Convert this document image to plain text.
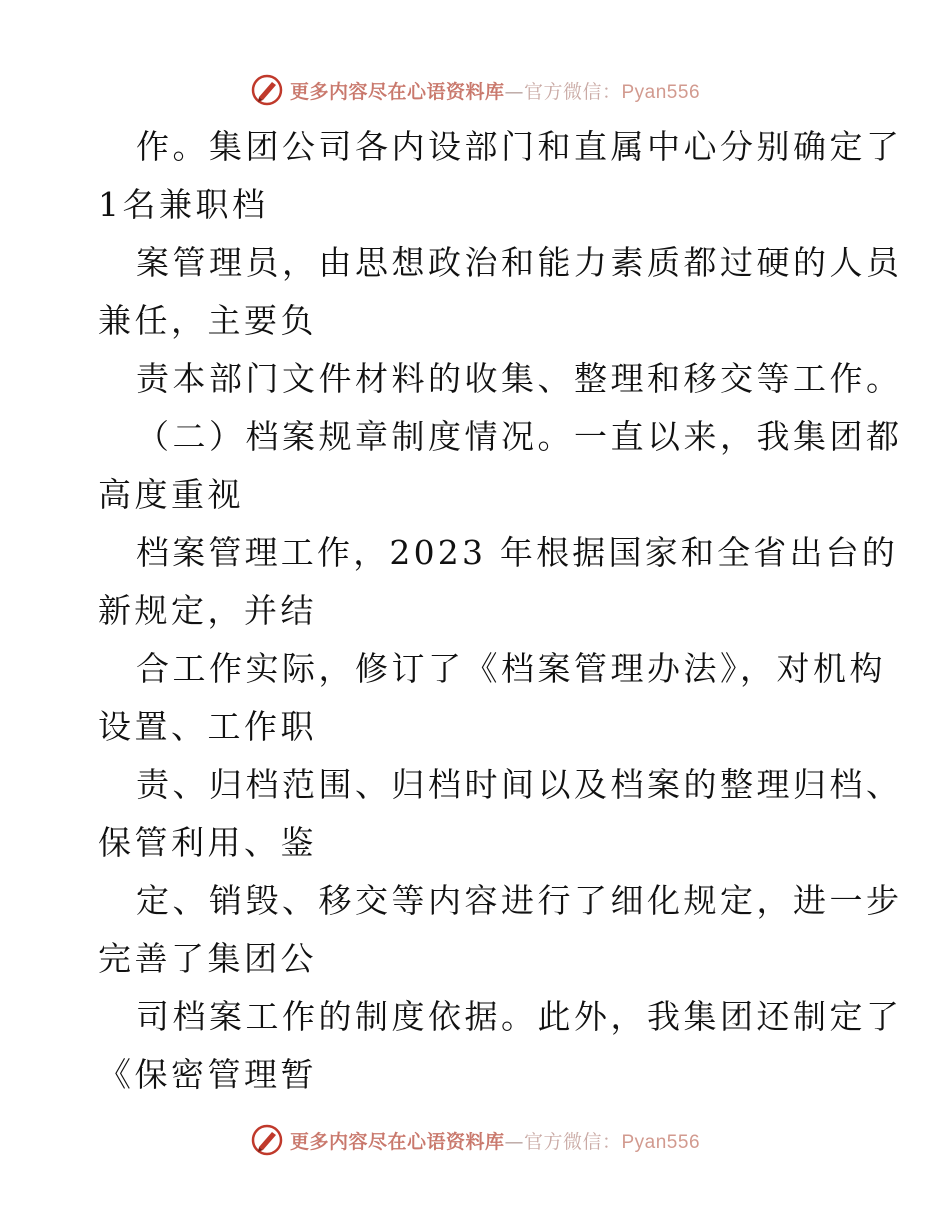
更多内容尽在心语资料库—官方微信：Pyan556
作。集团公司各内设部门和直属中心分别确定了
1名兼职档
案管理员，由思想政治和能力素质都过硬的人员
兼任，主要负
责本部门文件材料的收集、整理和移交等工作。
（二）档案规章制度情况。一直以来，我集团都
高度重视
档案管理工作，2023 年根据国家和全省出台的
新规定，并结
合工作实际，修订了《档案管理办法》，对机构
设置、工作职
责、归档范围、归档时间以及档案的整理归档、
保管利用、鉴
定、销毁、移交等内容进行了细化规定，进一步
完善了集团公
司档案工作的制度依据。此外，我集团还制定了
《保密管理暂
更多内容尽在心语资料库—官方微信：Pyan556
